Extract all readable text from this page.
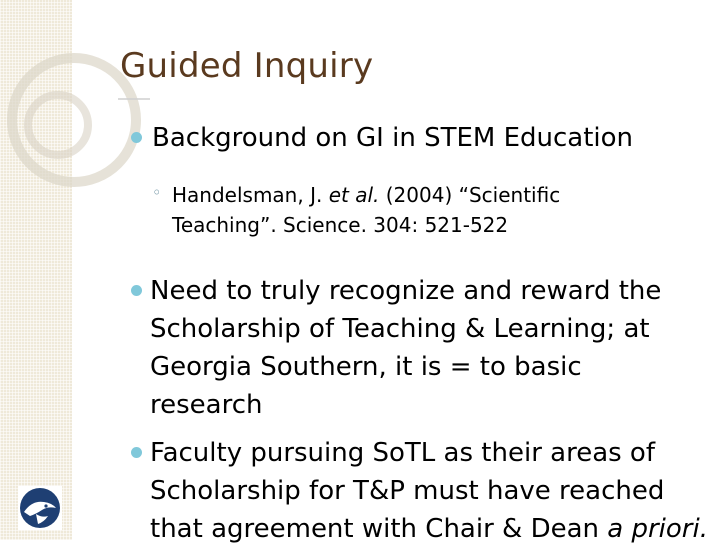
Guided Inquiry
Background on GI in STEM Education
◦ Handelsman, J. et al. (2004) “Scientific
Teaching”. Science. 304: 521-522
Need to truly recognize and reward the
Scholarship of Teaching & Learning; at
Georgia Southern, it is = to basic
research
Faculty pursuing SoTL as their areas of
Scholarship for T&P must have reached
that agreement with Chair & Dean a priori.
